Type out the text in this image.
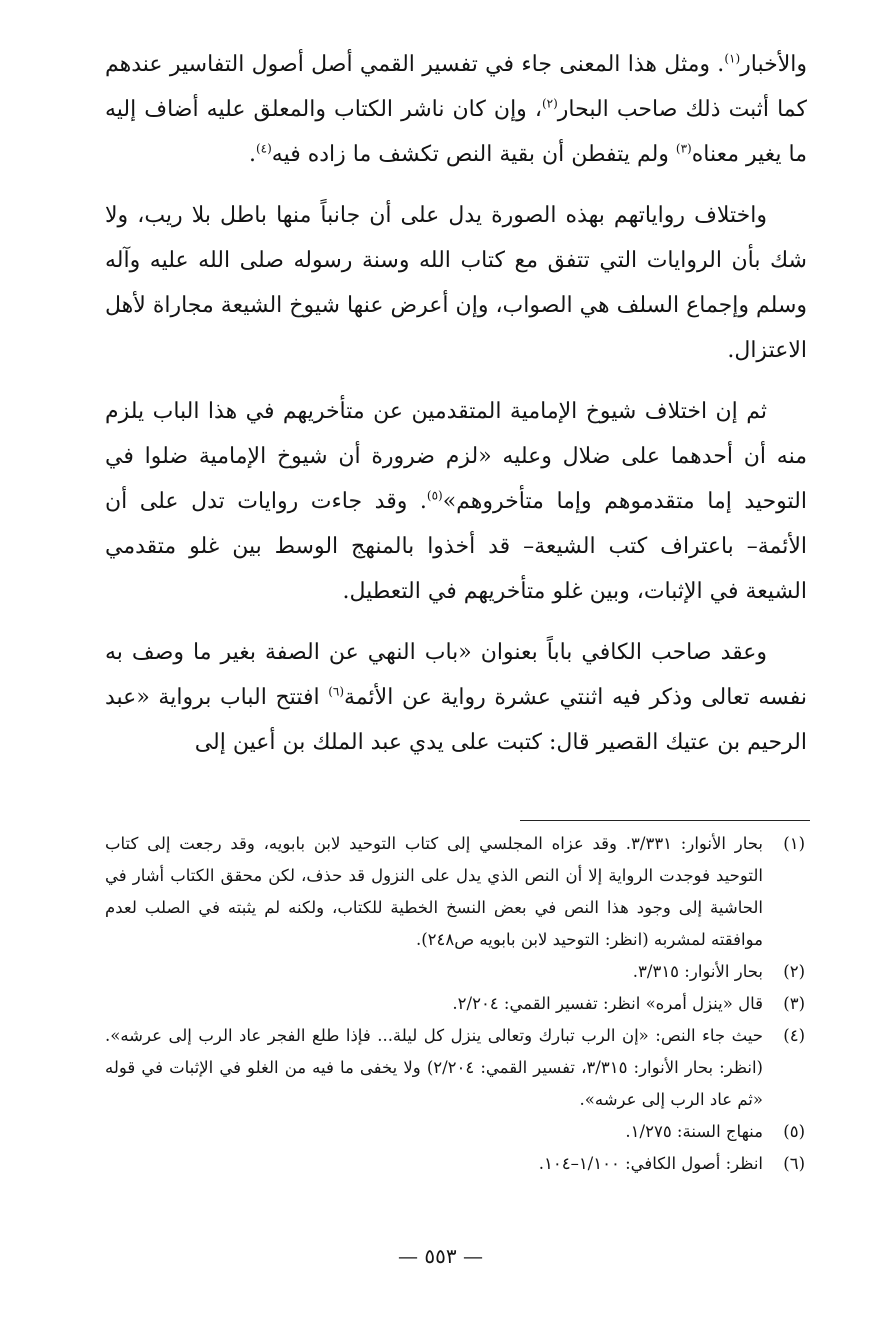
والأخبار$^{(١)}$. ومثل هذا المعنى جاء في تفسير القمي أصل أصول التفاسير عندهم كما أثبت ذلك صاحب البحار$^{(٢)}$، وإن كان ناشر الكتاب والمعلق عليه أضاف إليه ما يغير معناه$^{(٣)}$ ولم يتفطن أن بقية النص تكشف ما زاده فيه$^{(٤)}$.

واختلاف رواياتهم بهذه الصورة يدل على أن جانباً منها باطل بلا ريب، ولا شك بأن الروايات التي تتفق مع كتاب الله وسنة رسوله صلى الله عليه وآله وسلم وإجماع السلف هي الصواب، وإن أعرض عنها شيوخ الشيعة مجاراة لأهل الاعتزال.

ثم إن اختلاف شيوخ الإمامية المتقدمين عن متأخريهم في هذا الباب يلزم منه أن أحدهما على ضلال وعليه «لزم ضرورة أن شيوخ الإمامية ضلوا في التوحيد إما متقدموهم وإما متأخروهم»$^{(٥)}$. وقد جاءت روايات تدل على أن الأئمة– باعتراف كتب الشيعة– قد أخذوا بالمنهج الوسط بين غلو متقدمي الشيعة في الإثبات، وبين غلو متأخريهم في التعطيل.

وعقد صاحب الكافي باباً بعنوان «باب النهي عن الصفة بغير ما وصف به نفسه تعالى وذكر فيه اثنتي عشرة رواية عن الأئمة$^{(٦)}$ افتتح الباب برواية «عبد الرحيم بن عتيك القصير قال: كتبت على يدي عبد الملك بن أعين إلى

(١)
بحار الأنوار: ٣/٣٣١. وقد عزاه المجلسي إلى كتاب التوحيد لابن بابويه، وقد رجعت إلى كتاب التوحيد فوجدت الرواية إلا أن النص الذي يدل على النزول قد حذف، لكن محقق الكتاب أشار في الحاشية إلى وجود هذا النص في بعض النسخ الخطية للكتاب، ولكنه لم يثبته في الصلب لعدم موافقته لمشربه (انظر: التوحيد لابن بابويه ص٢٤٨).
(٢)
بحار الأنوار: ٣/٣١٥.
(٣)
قال «ينزل أمره» انظر: تفسير القمي: ٢/٢٠٤.
(٤)
حيث جاء النص: «إن الرب تبارك وتعالى ينزل كل ليلة... فإذا طلع الفجر عاد الرب إلى عرشه». (انظر: بحار الأنوار: ٣/٣١٥، تفسير القمي: ٢/٢٠٤) ولا يخفى ما فيه من الغلو في الإثبات في قوله «ثم عاد الرب إلى عرشه».
(٥)
منهاج السنة: ١/٢٧٥.
(٦)
انظر: أصول الكافي: ١/١٠٠–١٠٤.
— ٥٥٣ —
